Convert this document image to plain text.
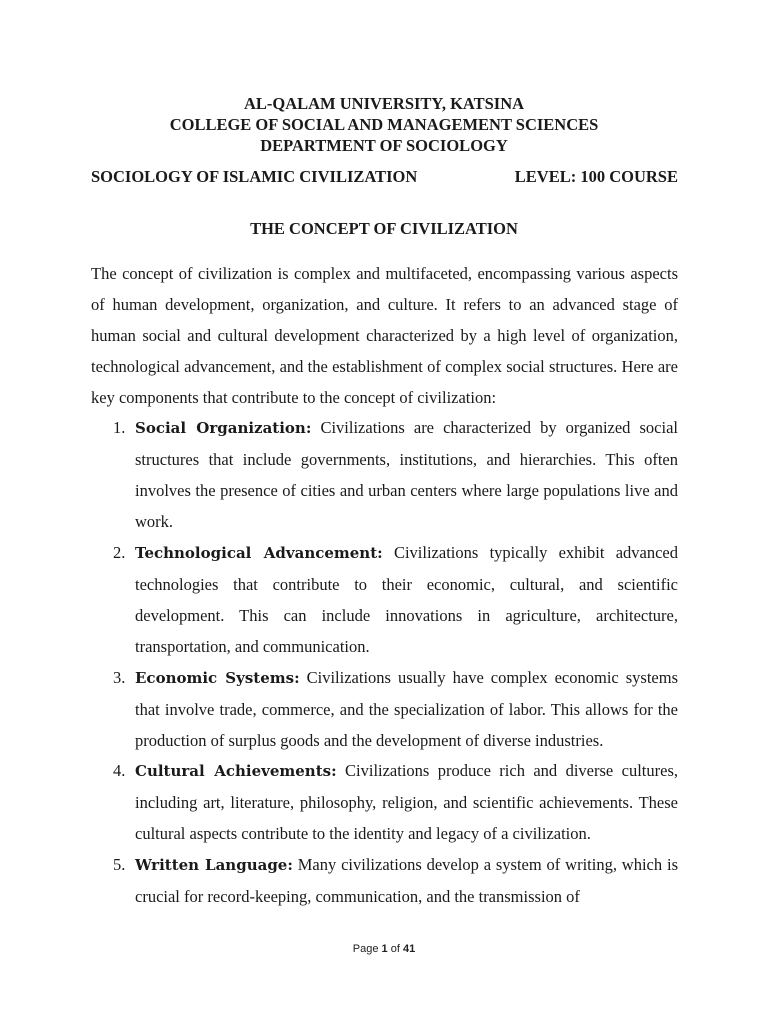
AL-QALAM UNIVERSITY, KATSINA
COLLEGE OF SOCIAL AND MANAGEMENT SCIENCES
DEPARTMENT OF SOCIOLOGY
SOCIOLOGY OF ISLAMIC CIVILIZATION	LEVEL: 100 COURSE
THE CONCEPT OF CIVILIZATION

The concept of civilization is complex and multifaceted, encompassing various aspects of human development, organization, and culture. It refers to an advanced stage of human social and cultural development characterized by a high level of organization, technological advancement, and the establishment of complex social structures. Here are key components that contribute to the concept of civilization:

1. Social Organization: Civilizations are characterized by organized social structures that include governments, institutions, and hierarchies. This often involves the presence of cities and urban centers where large populations live and work.

2. Technological Advancement: Civilizations typically exhibit advanced technologies that contribute to their economic, cultural, and scientific development. This can include innovations in agriculture, architecture, transportation, and communication.

3. Economic Systems: Civilizations usually have complex economic systems that involve trade, commerce, and the specialization of labor. This allows for the production of surplus goods and the development of diverse industries.

4. Cultural Achievements: Civilizations produce rich and diverse cultures, including art, literature, philosophy, religion, and scientific achievements. These cultural aspects contribute to the identity and legacy of a civilization.

5. Written Language: Many civilizations develop a system of writing, which is crucial for record-keeping, communication, and the transmission of

Page 1 of 41
